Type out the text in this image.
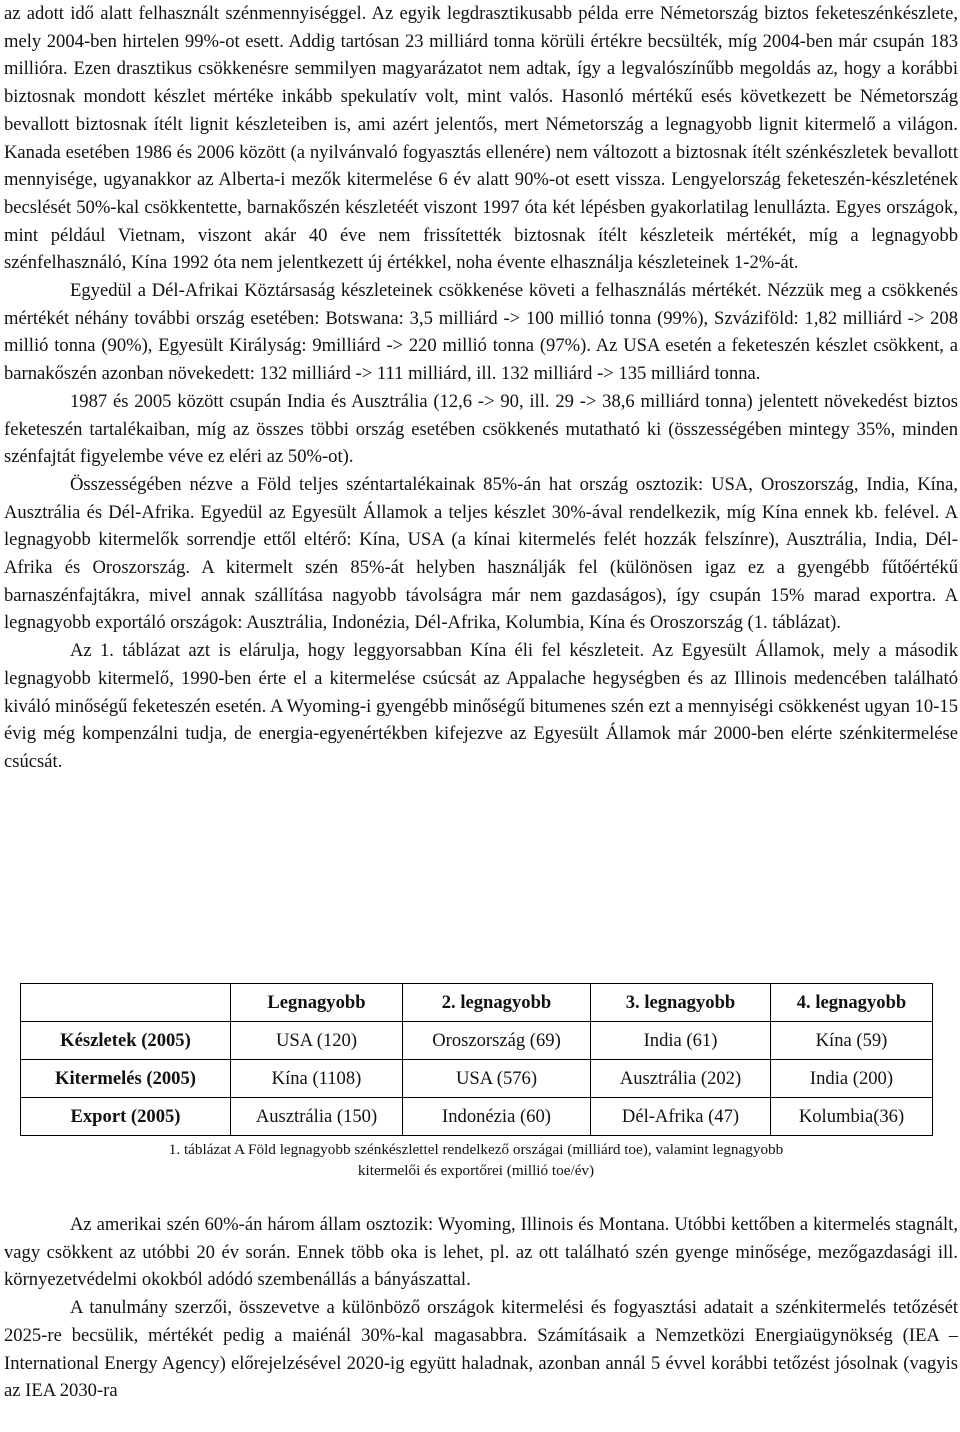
az adott idő alatt felhasznált szénmennyiséggel. Az egyik legdrasztikusabb példa erre Németország biztos feketeszénkészlete, mely 2004-ben hirtelen 99%-ot esett. Addig tartósan 23 milliárd tonna körüli értékre becsülték, míg 2004-ben már csupán 183 millióra. Ezen drasztikus csökkenésre semmilyen magyarázatot nem adtak, így a legvalószínűbb megoldás az, hogy a korábbi biztosnak mondott készlet mértéke inkább spekulatív volt, mint valós. Hasonló mértékű esés következett be Németország bevallott biztosnak ítélt lignit készleteiben is, ami azért jelentős, mert Németország a legnagyobb lignit kitermelő a világon. Kanada esetében 1986 és 2006 között (a nyilvánvaló fogyasztás ellenére) nem változott a biztosnak ítélt szénkészletek bevallott mennyisége, ugyanakkor az Alberta-i mezők kitermelése 6 év alatt 90%-ot esett vissza. Lengyelország feketeszén-készletének becslését 50%-kal csökkentette, barnakőszén készletéét viszont 1997 óta két lépésben gyakorlatilag lenullázta. Egyes országok, mint például Vietnam, viszont akár 40 éve nem frissítették biztosnak ítélt készleteik mértékét, míg a legnagyobb szénfelhasználó, Kína 1992 óta nem jelentkezett új értékkel, noha évente elhasználja készleteinek 1-2%-át.

Egyedül a Dél-Afrikai Köztársaság készleteinek csökkenése követi a felhasználás mértékét. Nézzük meg a csökkenés mértékét néhány további ország esetében: Botswana: 3,5 milliárd -> 100 millió tonna (99%), Szváziföld: 1,82 milliárd -> 208 millió tonna (90%), Egyesült Királyság: 9milliárd -> 220 millió tonna (97%). Az USA esetén a feketeszén készlet csökkent, a barnakőszén azonban növekedett: 132 milliárd -> 111 milliárd, ill. 132 milliárd -> 135 milliárd tonna.

1987 és 2005 között csupán India és Ausztrália (12,6 -> 90, ill. 29 -> 38,6 milliárd tonna) jelentett növekedést biztos feketeszén tartalékaiban, míg az összes többi ország esetében csökkenés mutatható ki (összességében mintegy 35%, minden szénfajtát figyelembe véve ez eléri az 50%-ot).

Összességében nézve a Föld teljes széntartalékainak 85%-án hat ország osztozik: USA, Oroszország, India, Kína, Ausztrália és Dél-Afrika. Egyedül az Egyesült Államok a teljes készlet 30%-ával rendelkezik, míg Kína ennek kb. felével. A legnagyobb kitermelők sorrendje ettől eltérő: Kína, USA (a kínai kitermelés felét hozzák felszínre), Ausztrália, India, Dél-Afrika és Oroszország. A kitermelt szén 85%-át helyben használják fel (különösen igaz ez a gyengébb fűtőértékű barnaszénfajtákra, mivel annak szállítása nagyobb távolságra már nem gazdaságos), így csupán 15% marad exportra. A legnagyobb exportáló országok: Ausztrália, Indonézia, Dél-Afrika, Kolumbia, Kína és Oroszország (1. táblázat).

Az 1. táblázat azt is elárulja, hogy leggyorsabban Kína éli fel készleteit. Az Egyesült Államok, mely a második legnagyobb kitermelő, 1990-ben érte el a kitermelése csúcsát az Appalache hegységben és az Illinois medencében található kiváló minőségű feketeszén esetén. A Wyoming-i gyengébb minőségű bitumenes szén ezt a mennyiségi csökkenést ugyan 10-15 évig még kompenzálni tudja, de energia-egyenértékben kifejezve az Egyesült Államok már 2000-ben elérte szénkitermelése csúcsát.

	Legnagyobb	2. legnagyobb	3. legnagyobb	4. legnagyobb
Készletek (2005)	USA (120)	Oroszország (69)	India (61)	Kína (59)
Kitermelés (2005)	Kína (1108)	USA (576)	Ausztrália (202)	India (200)
Export (2005)	Ausztrália (150)	Indonézia (60)	Dél-Afrika (47)	Kolumbia(36)
1. táblázat A Föld legnagyobb szénkészlettel rendelkező országai (milliárd toe), valamint legnagyobb
kitermelői és exportőrei (millió toe/év)

Az amerikai szén 60%-án három állam osztozik: Wyoming, Illinois és Montana. Utóbbi kettőben a kitermelés stagnált, vagy csökkent az utóbbi 20 év során. Ennek több oka is lehet, pl. az ott található szén gyenge minősége, mezőgazdasági ill. környezetvédelmi okokból adódó szembenállás a bányászattal.

A tanulmány szerzői, összevetve a különböző országok kitermelési és fogyasztási adatait a szénkitermelés tetőzését 2025-re becsülik, mértékét pedig a maiénál 30%-kal magasabbra. Számításaik a Nemzetközi Energiaügynökség (IEA – International Energy Agency) előrejelzésével 2020-ig együtt haladnak, azonban annál 5 évvel korábbi tetőzést jósolnak (vagyis az IEA 2030-ra
